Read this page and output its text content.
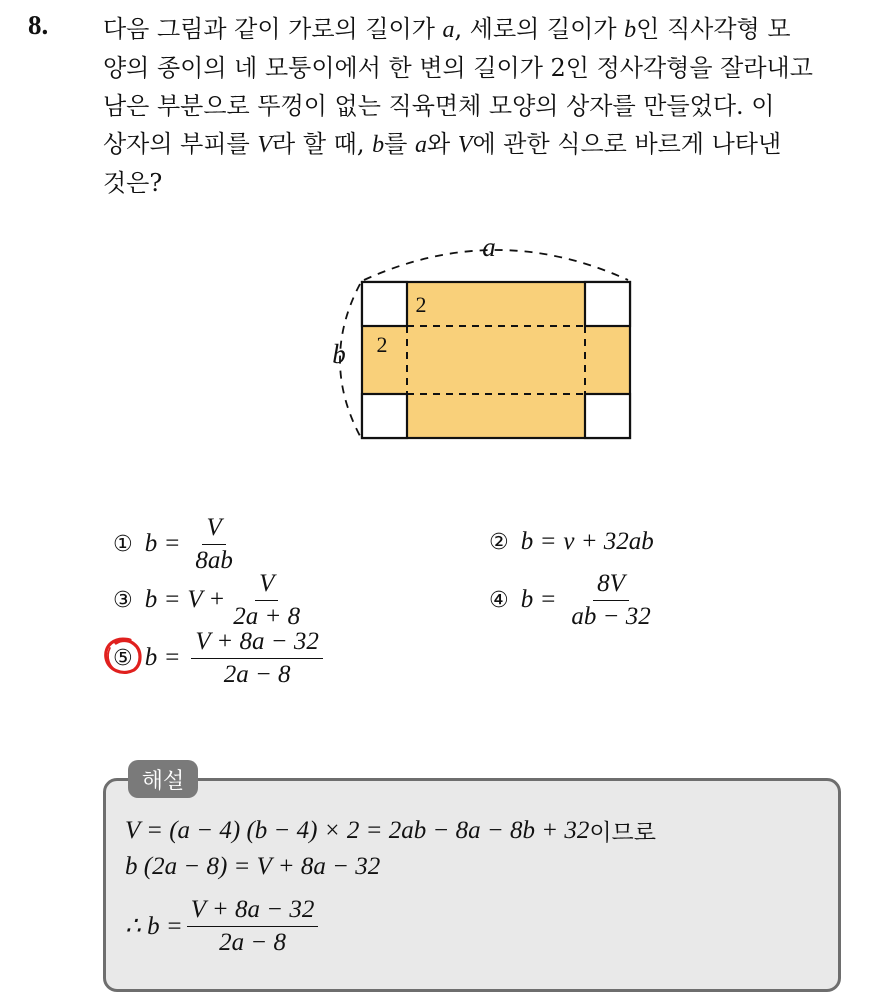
8. 다음 그림과 같이 가로의 길이가 a, 세로의 길이가 b인 직사각형 모
양의 종이의 네 모퉁이에서 한 변의 길이가 2인 정사각형을 잘라내고
남은 부분으로 뚜껑이 없는 직육면체 모양의 상자를 만들었다. 이
상자의 부피를 V라 할 때, b를 a와 V에 관한 식으로 바르게 나타낸
것은?
a
b
2
2
① $b = \frac{V}{8ab}$	② b = v + 32ab
③ $b = V + \frac{V}{2a + 8}$	④ $b = \frac{8V}{ab - 32}$
⑤ $b = \frac{V + 8a - 32}{2a - 8}$
해설
V = (a − 4) (b − 4) × 2 = 2ab − 8a − 8b + 32 이므로
b (2a − 8) = V + 8a − 32
∴ $b = \frac{V + 8a - 32}{2a - 8}$
